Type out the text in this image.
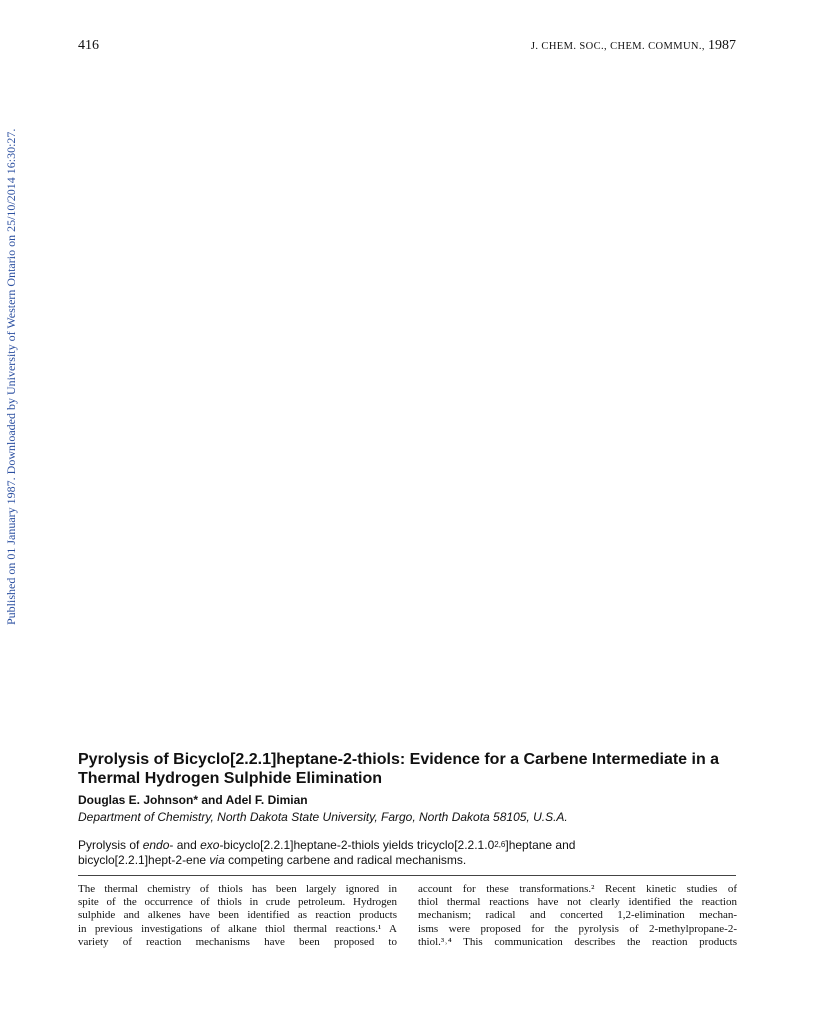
416	J. CHEM. SOC., CHEM. COMMUN., 1987
Published on 01 January 1987. Downloaded by University of Western Ontario on 25/10/2014 16:30:27.
Pyrolysis of Bicyclo[2.2.1]heptane-2-thiols: Evidence for a Carbene Intermediate in a Thermal Hydrogen Sulphide Elimination
Douglas E. Johnson* and Adel F. Dimian
Department of Chemistry, North Dakota State University, Fargo, North Dakota 58105, U.S.A.
Pyrolysis of endo- and exo-bicyclo[2.2.1]heptane-2-thiols yields tricyclo[2.2.1.0$^{2,6}$]heptane and
bicyclo[2.2.1]hept-2-ene via competing carbene and radical mechanisms.
The thermal chemistry of thiols has been largely ignored in
spite of the occurrence of thiols in crude petroleum. Hydrogen
sulphide and alkenes have been identified as reaction products
in previous investigations of alkane thiol thermal reactions.¹ A
variety of reaction mechanisms have been proposed to
account for these transformations.² Recent kinetic studies of
thiol thermal reactions have not clearly identified the reaction
mechanism; radical and concerted 1,2-elimination mechan-
isms were proposed for the pyrolysis of 2-methylpropane-2-
thiol.³˒⁴ This communication describes the reaction products
